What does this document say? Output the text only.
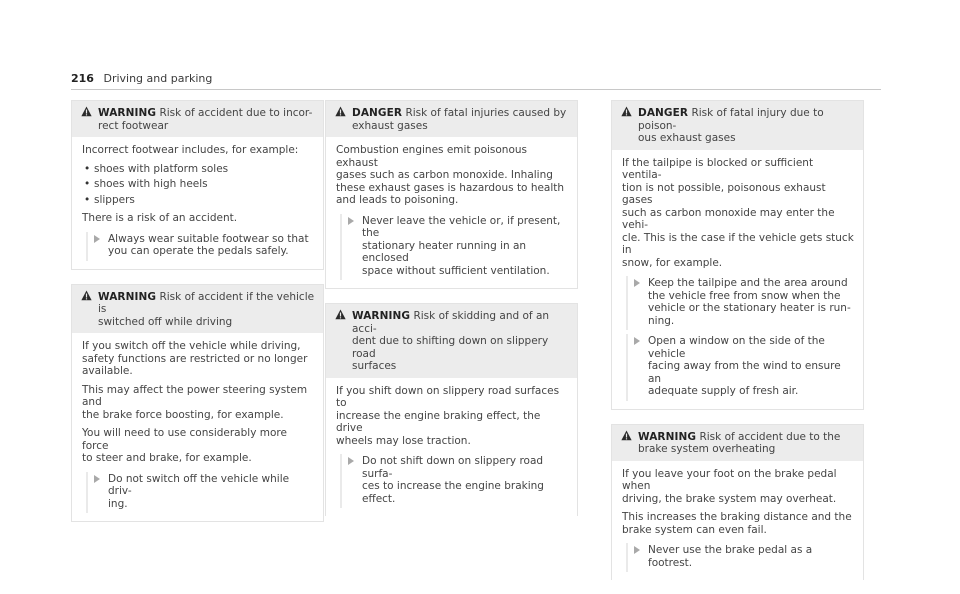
216 Driving and parking
WARNING Risk of accident due to incor-
rect footwear

Incorrect footwear includes, for example:

• shoes with platform soles
• shoes with high heels
• slippers

There is a risk of an accident.

Always wear suitable footwear so that
you can operate the pedals safely.
WARNING Risk of accident if the vehicle is
switched off while driving

If you switch off the vehicle while driving,
safety functions are restricted or no longer
available.

This may affect the power steering system and
the brake force boosting, for example.

You will need to use considerably more force
to steer and brake, for example.

Do not switch off the vehicle while driv-
ing.
DANGER Risk of fatal injuries caused by
exhaust gases

Combustion engines emit poisonous exhaust
gases such as carbon monoxide. Inhaling
these exhaust gases is hazardous to health
and leads to poisoning.

Never leave the vehicle or, if present, the
stationary heater running in an enclosed
space without sufficient ventilation.
WARNING Risk of skidding and of an acci-
dent due to shifting down on slippery road
surfaces

If you shift down on slippery road surfaces to
increase the engine braking effect, the drive
wheels may lose traction.

Do not shift down on slippery road surfa-
ces to increase the engine braking
effect.
DANGER Risk of fatal injury due to poison-
ous exhaust gases

If the tailpipe is blocked or sufficient ventila-
tion is not possible, poisonous exhaust gases
such as carbon monoxide may enter the vehi-
cle. This is the case if the vehicle gets stuck in
snow, for example.

Keep the tailpipe and the area around
the vehicle free from snow when the
vehicle or the stationary heater is run-
ning.
Open a window on the side of the vehicle
facing away from the wind to ensure an
adequate supply of fresh air.
WARNING Risk of accident due to the
brake system overheating

If you leave your foot on the brake pedal when
driving, the brake system may overheat.

This increases the braking distance and the
brake system can even fail.

Never use the brake pedal as a footrest.
